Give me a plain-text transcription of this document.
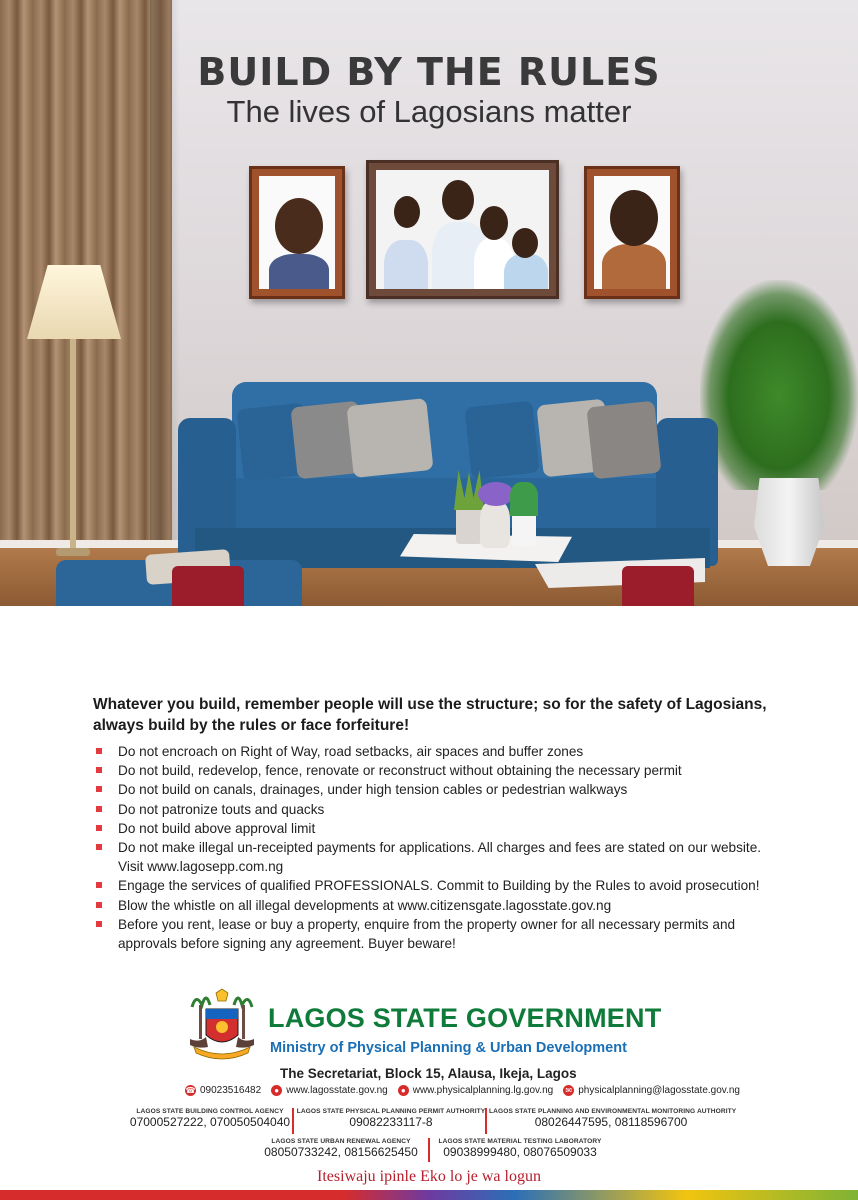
BUILD BY THE RULES
The lives of Lagosians matter

Whatever you build, remember people will use the structure; so for the safety of Lagosians, always build by the rules or face forfeiture!

Do not encroach on Right of Way, road setbacks, air spaces and buffer zones
Do not build, redevelop, fence, renovate or reconstruct without obtaining the necessary permit
Do not build on canals, drainages, under high tension cables or pedestrian walkways
Do not patronize touts and quacks
Do not build above approval limit
Do not make illegal un-receipted payments for applications. All charges and fees are stated on our website. Visit www.lagosepp.com.ng
Engage the services of qualified PROFESSIONALS. Commit to Building by the Rules to avoid prosecution!
Blow the whistle on all illegal developments at www.citizensgate.lagosstate.gov.ng
Before you rent, lease or buy a property, enquire from the property owner for all necessary permits and approvals before signing any agreement. Buyer beware!
LAGOS STATE GOVERNMENT
Ministry of Physical Planning & Urban Development
The Secretariat, Block 15, Alausa, Ikeja, Lagos
☎ 09023516482	● www.lagosstate.gov.ng	● www.physicalplanning.lg.gov.ng ✉ physicalplanning@lagosstate.gov.ng
LAGOS STATE BUILDING CONTROL AGENCY
07000527222, 070050504040
LAGOS STATE PHYSICAL PLANNING PERMIT AUTHORITY
09082233117-8
LAGOS STATE PLANNING AND ENVIRONMENTAL MONITORING AUTHORITY
08026447595, 08118596700
LAGOS STATE URBAN RENEWAL AGENCY
08050733242, 08156625450
LAGOS STATE MATERIAL TESTING LABORATORY
09038999480, 08076509033
Itesiwaju ipinle Eko lo je wa logun
